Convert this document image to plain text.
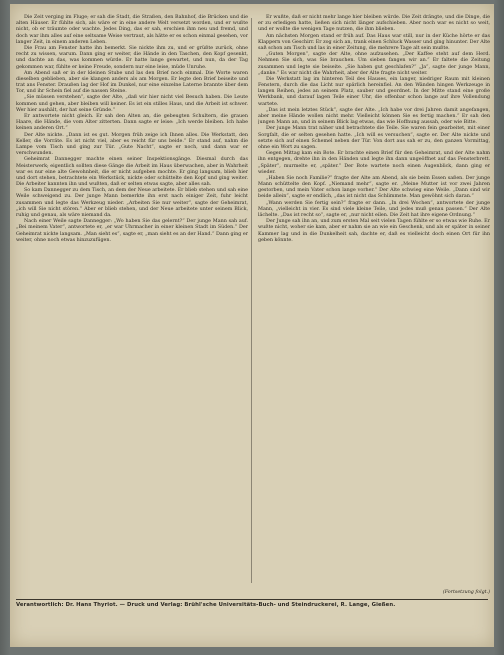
Die Zeit verging im Fluge; er sah die Stadt, die Straßen, den Bahnhof, die Brücken und die alten Häuser. Er fühlte sich, als wäre er in eine andere Welt versetzt worden, und er wußte nicht, ob er träumte oder wachte. Jedes Ding, das er sah, erschien ihm neu und fremd, und doch war ihm alles auf eine seltsame Weise vertraut, als hätte er es schon einmal gesehen, vor langer Zeit, in einem anderen Leben.

Die Frau am Fenster hatte ihn bemerkt. Sie nickte ihm zu, und er grüßte zurück, ohne recht zu wissen, warum. Dann ging er weiter, die Hände in den Taschen, den Kopf gesenkt, und dachte an das, was kommen würde. Er hatte lange gewartet, und nun, da der Tag gekommen war, fühlte er keine Freude, sondern nur eine leise, müde Unruhe.

Am Abend saß er in der kleinen Stube und las den Brief noch einmal. Die Worte waren dieselben geblieben, aber sie klangen anders als am Morgen. Er legte den Brief beiseite und trat ans Fenster. Draußen lag der Hof im Dunkel, nur eine einzelne Laterne brannte über dem Tor, und ihr Schein fiel auf die nassen Steine.

„Sie müssen verstehen“, sagte der Alte, „daß wir hier nicht viel Besuch haben. Die Leute kommen und gehen, aber bleiben will keiner. Es ist ein stilles Haus, und die Arbeit ist schwer. Wer hier aushält, der hat seine Gründe.“

Er antwortete nicht gleich. Er sah den Alten an, die gebeugten Schultern, die grauen Haare, die Hände, die vom Alter zitterten. Dann sagte er leise: „Ich werde bleiben. Ich habe keinen anderen Ort.“

Der Alte nickte. „Dann ist es gut. Morgen früh zeige ich Ihnen alles. Die Werkstatt, den Keller, die Vorräte. Es ist nicht viel, aber es reicht für uns beide.“ Er stand auf, nahm die Lampe vom Tisch und ging zur Tür. „Gute Nacht“, sagte er noch, und dann war er verschwunden.

Geheimrat Dannegger machte einen seiner Inspektionsgänge. Diesmal durch das Meisterwerk; eigentlich sollten diese Gänge die Arbeit im Haus überwachen, aber in Wahrheit war es nur eine alte Gewohnheit, die er nicht aufgeben mochte. Er ging langsam, blieb hier und dort stehen, betrachtete ein Werkstück, nickte oder schüttelte den Kopf und ging weiter. Die Arbeiter kannten ihn und wußten, daß er selten etwas sagte, aber alles sah.

So kam Dannegger zu dem Tisch, an dem der Neue arbeitete. Er blieb stehen und sah eine Weile schweigend zu. Der junge Mann bemerkte ihn erst nach einiger Zeit, fuhr leicht zusammen und legte das Werkzeug nieder. „Arbeiten Sie nur weiter“, sagte der Geheimrat, „ich will Sie nicht stören.“ Aber er blieb stehen, und der Neue arbeitete unter seinem Blick, ruhig und genau, als wäre niemand da.

Nach einer Weile sagte Dannegger: „Wo haben Sie das gelernt?“ Der junge Mann sah auf. „Bei meinem Vater“, antwortete er, „er war Uhrmacher in einer kleinen Stadt im Süden.“ Der Geheimrat nickte langsam. „Man sieht es“, sagte er, „man sieht es an der Hand.“ Dann ging er weiter, ohne noch etwas hinzuzufügen.

Er wußte, daß er nicht mehr lange hier bleiben würde. Die Zeit drängte, und die Dinge, die er zu erledigen hatte, ließen sich nicht länger aufschieben. Aber noch war es nicht so weit, und er wollte die wenigen Tage nutzen, die ihm blieben.

Am nächsten Morgen stand er früh auf. Das Haus war still, nur in der Küche hörte er das Klappern von Geschirr. Er zog sich an, trank einen Schluck Wasser und ging hinunter. Der Alte saß schon am Tisch und las in einer Zeitung, die mehrere Tage alt sein mußte.

„Guten Morgen“, sagte der Alte, ohne aufzusehen. „Der Kaffee steht auf dem Herd. Nehmen Sie sich, was Sie brauchen. Um sieben fangen wir an.“ Er faltete die Zeitung zusammen und legte sie beiseite. „Sie haben gut geschlafen?“ „Ja“, sagte der junge Mann, „danke.“ Es war nicht die Wahrheit, aber der Alte fragte nicht weiter.

Die Werkstatt lag im hinteren Teil des Hauses, ein langer, niedriger Raum mit kleinen Fenstern, durch die das Licht nur spärlich hereinfiel. An den Wänden hingen Werkzeuge in langen Reihen, jedes an seinem Platz, sauber und geordnet. In der Mitte stand eine große Werkbank, und darauf lagen Teile einer Uhr, die offenbar schon lange auf ihre Vollendung wartete.

„Das ist mein letztes Stück“, sagte der Alte. „Ich habe vor drei Jahren damit angefangen, aber meine Hände wollen nicht mehr. Vielleicht können Sie es fertig machen.“ Er sah den jungen Mann an, und in seinem Blick lag etwas, das wie Hoffnung aussah, oder wie Bitte.

Der junge Mann trat näher und betrachtete die Teile. Sie waren fein gearbeitet, mit einer Sorgfalt, die er selten gesehen hatte. „Ich will es versuchen“, sagte er. Der Alte nickte und setzte sich auf einen Schemel neben der Tür. Von dort aus sah er zu, den ganzen Vormittag, ohne ein Wort zu sagen.

Gegen Mittag kam ein Bote. Er brachte einen Brief für den Geheimrat, und der Alte nahm ihn entgegen, drehte ihn in den Händen und legte ihn dann ungeöffnet auf das Fensterbrett. „Später“, murmelte er, „später.“ Der Bote wartete noch einen Augenblick, dann ging er wieder.

„Haben Sie noch Familie?“ fragte der Alte am Abend, als sie beim Essen saßen. Der junge Mann schüttelte den Kopf. „Niemand mehr“, sagte er. „Meine Mutter ist vor zwei Jahren gestorben, und mein Vater schon lange vorher.“ Der Alte schwieg eine Weile. „Dann sind wir beide allein“, sagte er endlich, „das ist nicht das Schlimmste. Man gewöhnt sich daran.“

„Wann werden Sie fertig sein?“ fragte er dann. „In drei Wochen“, antwortete der junge Mann, „vielleicht in vier. Es sind viele kleine Teile, und jedes muß genau passen.“ Der Alte lächelte. „Das ist recht so“, sagte er, „nur nicht eilen. Die Zeit hat ihre eigene Ordnung.“

Der Junge sah ihn an, und zum ersten Mal seit vielen Tagen fühlte er so etwas wie Ruhe. Er wußte nicht, woher sie kam, aber er nahm sie an wie ein Geschenk, und als er später in seiner Kammer lag und in die Dunkelheit sah, dachte er, daß es vielleicht doch einen Ort für ihn geben könnte.

(Fortsetzung folgt.)
Verantwortlich: Dr. Hans Thyriot. — Druck und Verlag: Brühl'sche Universitäts-Buch- und Steindruckerei, R. Lange, Gießen.
